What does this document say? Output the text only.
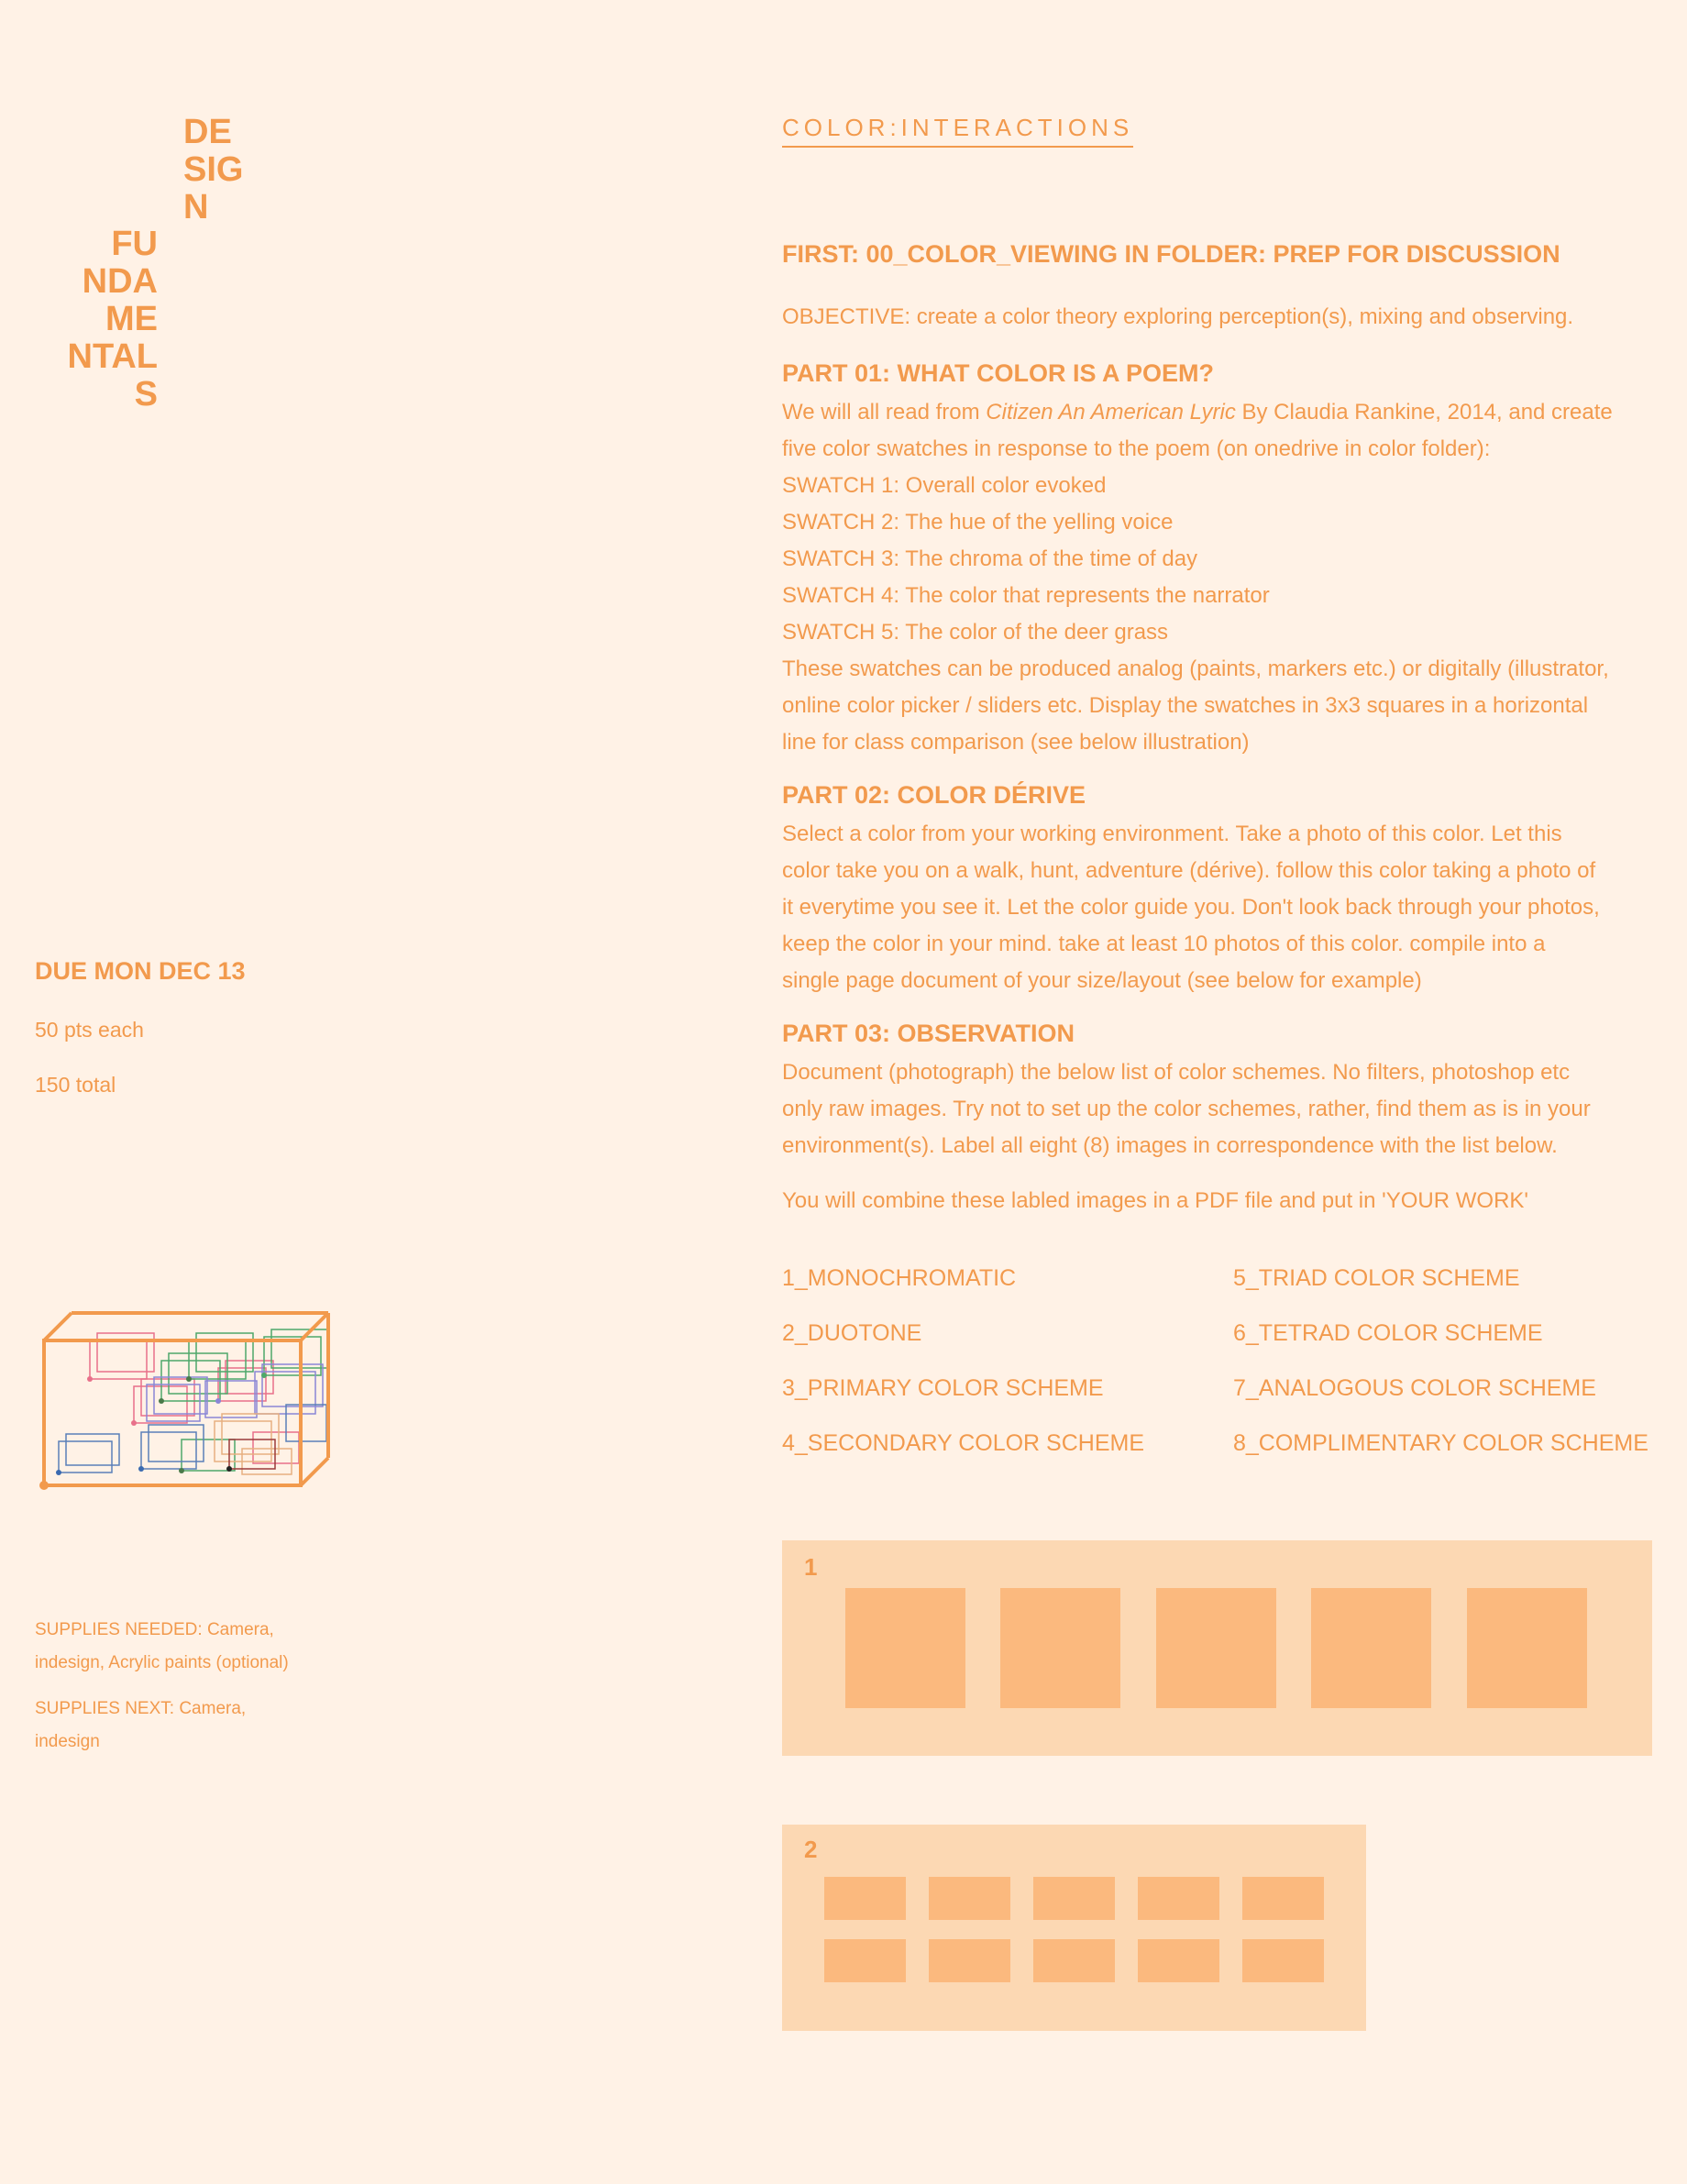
DE
SIG
N
FU
NDA
ME
NTAL
S
DUE MON DEC 13
50 pts each
150 total
SUPPLIES NEEDED: Camera, indesign, Acrylic paints (optional)
SUPPLIES NEXT: Camera, indesign
COLOR:INTERACTIONS
FIRST: 00_COLOR_VIEWING IN FOLDER: PREP FOR DISCUSSION
OBJECTIVE: create a color theory exploring perception(s), mixing and observing.
PART 01: WHAT COLOR IS A POEM?
We will all read from Citizen An American Lyric By Claudia Rankine, 2014, and create
five color swatches in response to the poem (on onedrive in color folder):
SWATCH 1: Overall color evoked
SWATCH 2: The hue of the yelling voice
SWATCH 3: The chroma of the time of day
SWATCH 4: The color that represents the narrator
SWATCH 5: The color of the deer grass
These swatches can be produced analog (paints, markers etc.) or digitally (illustrator,
online color picker / sliders etc. Display the swatches in 3x3 squares in a horizontal
line for class comparison (see below illustration)
PART 02: COLOR DÉRIVE
Select a color from your working environment. Take a photo of this color. Let this
color take you on a walk, hunt, adventure (dérive). follow this color taking a photo of
it everytime you see it. Let the color guide you. Don't look back through your photos,
keep the color in your mind. take at least 10 photos of this color. compile into a
single page document of your size/layout (see below for example)
PART 03: OBSERVATION
Document (photograph) the below list of color schemes. No filters, photoshop etc
only raw images. Try not to set up the color schemes, rather, find them as is in your
environment(s). Label all eight (8) images in correspondence with the list below.
You will combine these labled images in a PDF file and put in 'YOUR WORK'
1_MONOCHROMATIC
2_DUOTONE
3_PRIMARY COLOR SCHEME
4_SECONDARY COLOR SCHEME
5_TRIAD COLOR SCHEME
6_TETRAD COLOR SCHEME
7_ANALOGOUS COLOR SCHEME
8_COMPLIMENTARY COLOR SCHEME
1
2
